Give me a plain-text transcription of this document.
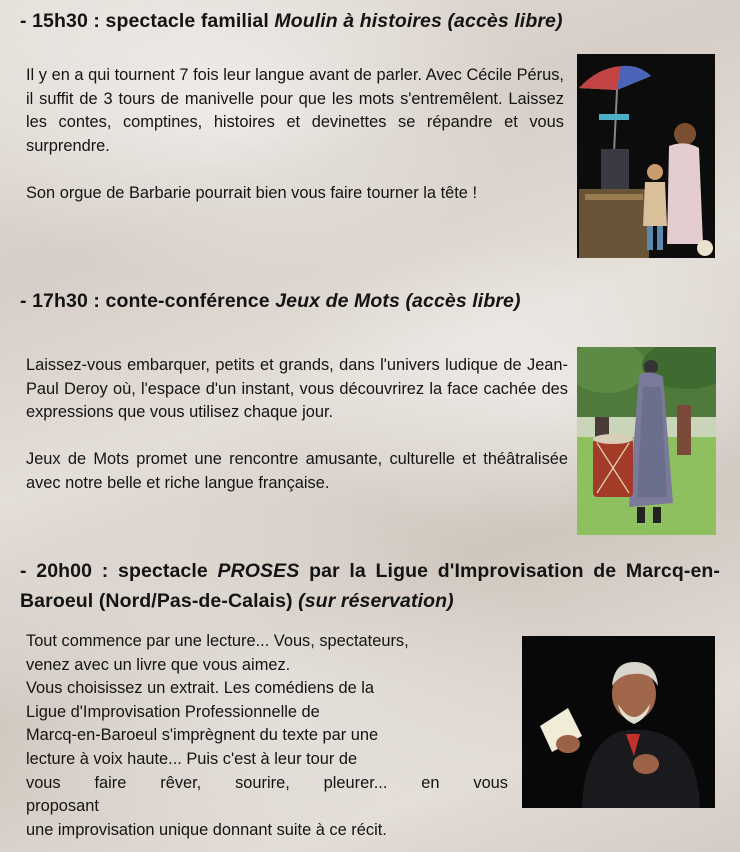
- 15h30 : spectacle familial Moulin à histoires (accès libre)

Il y en a qui tournent 7 fois leur langue avant de parler. Avec Cécile Pérus, il suffit de 3 tours de manivelle pour que les mots s'entremêlent. Laissez les contes, comptines, histoires et devinettes se répandre et vous surprendre.

Son orgue de Barbarie pourrait bien vous faire tourner la tête !

- 17h30 : conte-conférence Jeux de Mots (accès libre)

Laissez-vous embarquer, petits et grands, dans l'univers ludique de Jean-Paul Deroy où, l'espace d'un instant, vous découvrirez la face cachée des expressions que vous utilisez chaque jour.

Jeux de Mots promet une rencontre amusante, culturelle et théâtralisée avec notre belle et riche langue française.

- 20h00 : spectacle PROSES par la Ligue d'Improvisation de Marcq-en-Baroeul (Nord/Pas-de-Calais) (sur réservation)
Tout commence par une lecture... Vous, spectateurs,
venez avec un livre que vous aimez.
Vous choisissez un extrait. Les comédiens de la
Ligue d'Improvisation Professionnelle de
Marcq-en-Baroeul s'imprègnent du texte par une
lecture à voix haute... Puis c'est à leur tour de
vous faire rêver, sourire, pleurer... en vous
proposant
une improvisation unique donnant suite à ce récit.
